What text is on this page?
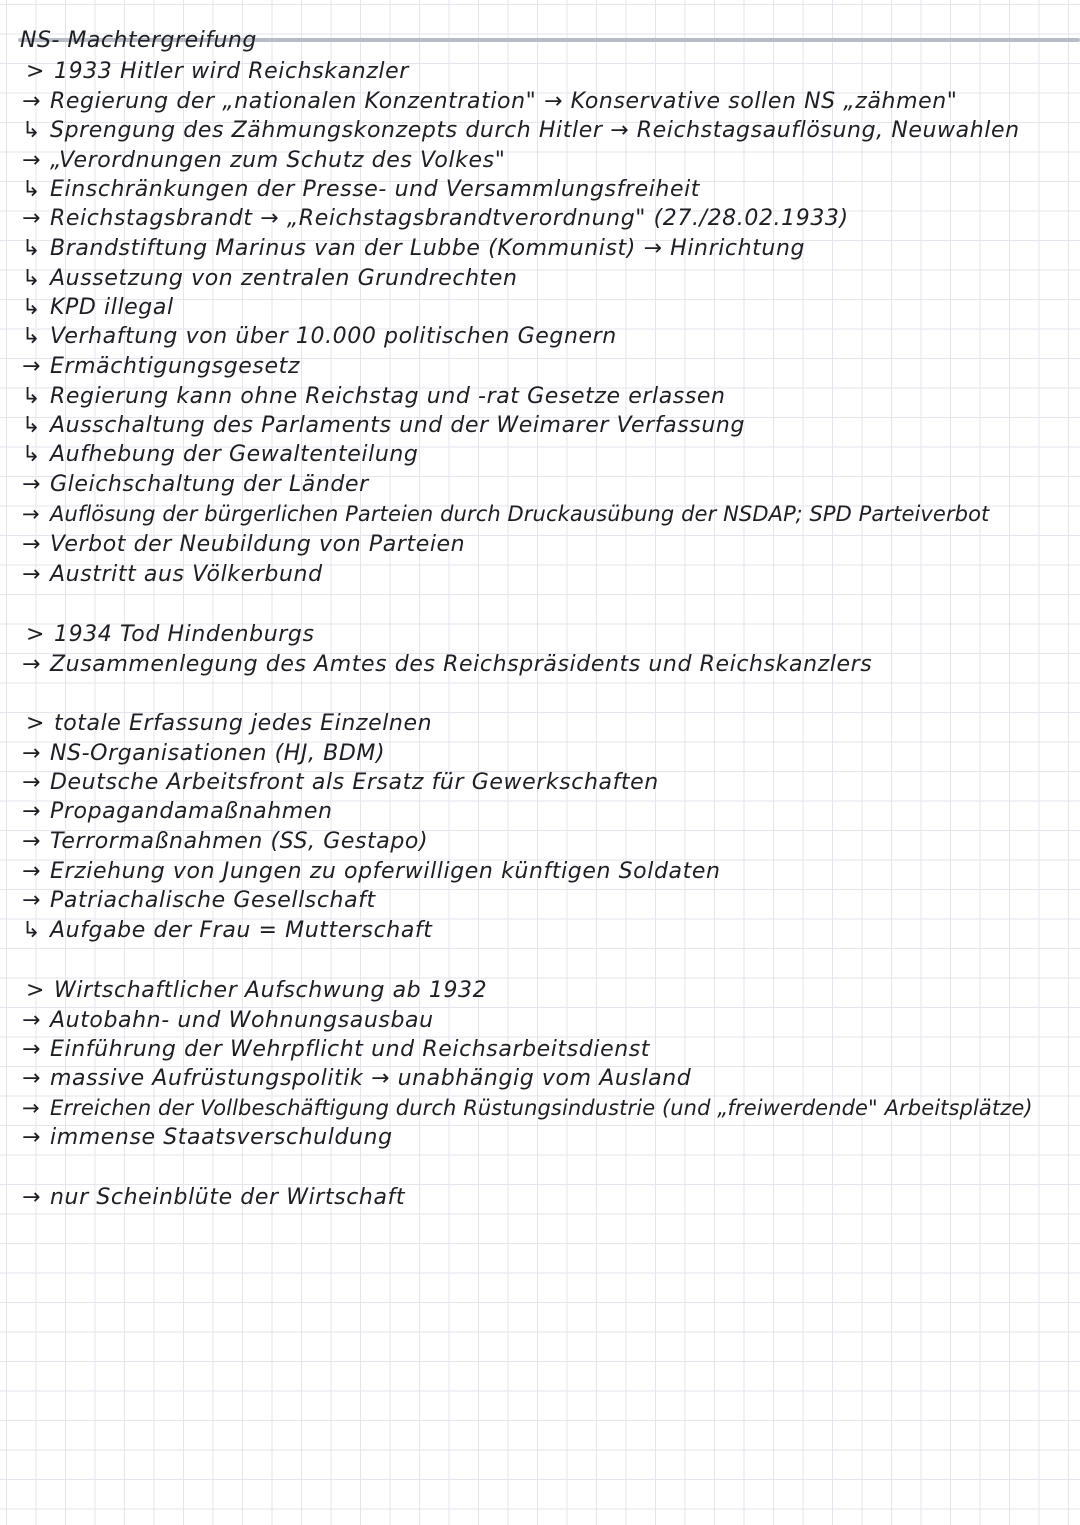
NS- Machtergreifung
> 1933 Hitler wird Reichskanzler
→ Regierung der „nationalen Konzentration" → Konservative sollen NS „zähmen"
↳ Sprengung des Zähmungskonzepts durch Hitler → Reichstagsauflösung, Neuwahlen
→ „Verordnungen zum Schutz des Volkes"
↳ Einschränkungen der Presse- und Versammlungsfreiheit
→ Reichstagsbrandt → „Reichstagsbrandtverordnung" (27./28.02.1933)
↳ Brandstiftung Marinus van der Lubbe (Kommunist) → Hinrichtung
↳ Aussetzung von zentralen Grundrechten
↳ KPD illegal
↳ Verhaftung von über 10.000 politischen Gegnern
→ Ermächtigungsgesetz
↳ Regierung kann ohne Reichstag und -rat Gesetze erlassen
↳ Ausschaltung des Parlaments und der Weimarer Verfassung
↳ Aufhebung der Gewaltenteilung
→ Gleichschaltung der Länder
→ Auflösung der bürgerlichen Parteien durch Druckausübung der NSDAP; SPD Parteiverbot
→ Verbot der Neubildung von Parteien
→ Austritt aus Völkerbund
> 1934 Tod Hindenburgs
→ Zusammenlegung des Amtes des Reichspräsidents und Reichskanzlers
> totale Erfassung jedes Einzelnen
→ NS-Organisationen (HJ, BDM)
→ Deutsche Arbeitsfront als Ersatz für Gewerkschaften
→ Propagandamaßnahmen
→ Terrormaßnahmen (SS, Gestapo)
→ Erziehung von Jungen zu opferwilligen künftigen Soldaten
→ Patriachalische Gesellschaft
↳ Aufgabe der Frau = Mutterschaft
> Wirtschaftlicher Aufschwung ab 1932
→ Autobahn- und Wohnungsausbau
→ Einführung der Wehrpflicht und Reichsarbeitsdienst
→ massive Aufrüstungspolitik → unabhängig vom Ausland
→ Erreichen der Vollbeschäftigung durch Rüstungsindustrie (und „freiwerdende" Arbeitsplätze)
→ immense Staatsverschuldung
→ nur Scheinblüte der Wirtschaft
